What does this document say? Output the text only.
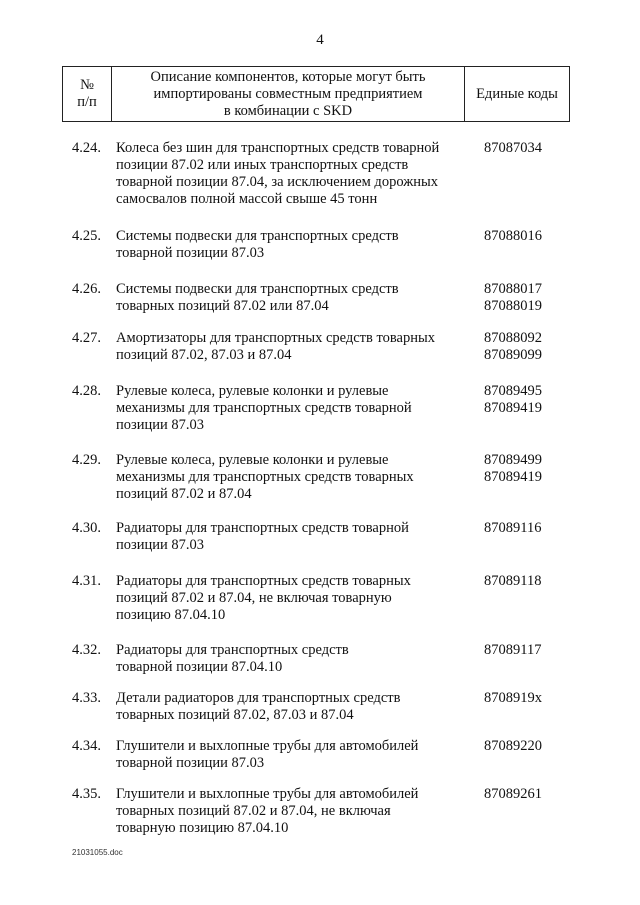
4
№
п/п

Описание компонентов, которые могут быть
импортированы совместным предприятием
в комбинации с SKD
	Единые коды
4.24. Колеса без шин для транспортных средств товарной
позиции 87.02 или иных транспортных средств
товарной позиции 87.04, за исключением дорожных
самосвалов полной массой свыше 45 тонн
87087034
4.25. Системы подвески для транспортных средств
товарной позиции 87.03
87088016
4.26. Системы подвески для транспортных средств
товарных позиций 87.02 или 87.04
87088017
87088019
4.27. Амортизаторы для транспортных средств товарных
позиций 87.02, 87.03 и 87.04
87088092
87089099
4.28. Рулевые колеса, рулевые колонки и рулевые
механизмы для транспортных средств товарной
позиции 87.03
87089495
87089419
4.29. Рулевые колеса, рулевые колонки и рулевые
механизмы для транспортных средств товарных
позиций 87.02 и 87.04
87089499
87089419
4.30. Радиаторы для транспортных средств товарной
позиции 87.03
87089116
4.31. Радиаторы для транспортных средств товарных
позиций 87.02 и 87.04, не включая товарную
позицию 87.04.10
87089118
4.32. Радиаторы для транспортных средств
товарной позиции 87.04.10
87089117
4.33. Детали радиаторов для транспортных средств
товарных позиций 87.02, 87.03 и 87.04
8708919х
4.34. Глушители и выхлопные трубы для автомобилей
товарной позиции 87.03
87089220
4.35. Глушители и выхлопные трубы для автомобилей
товарных позиций 87.02 и 87.04, не включая
товарную позицию 87.04.10
87089261
21031055.doc
